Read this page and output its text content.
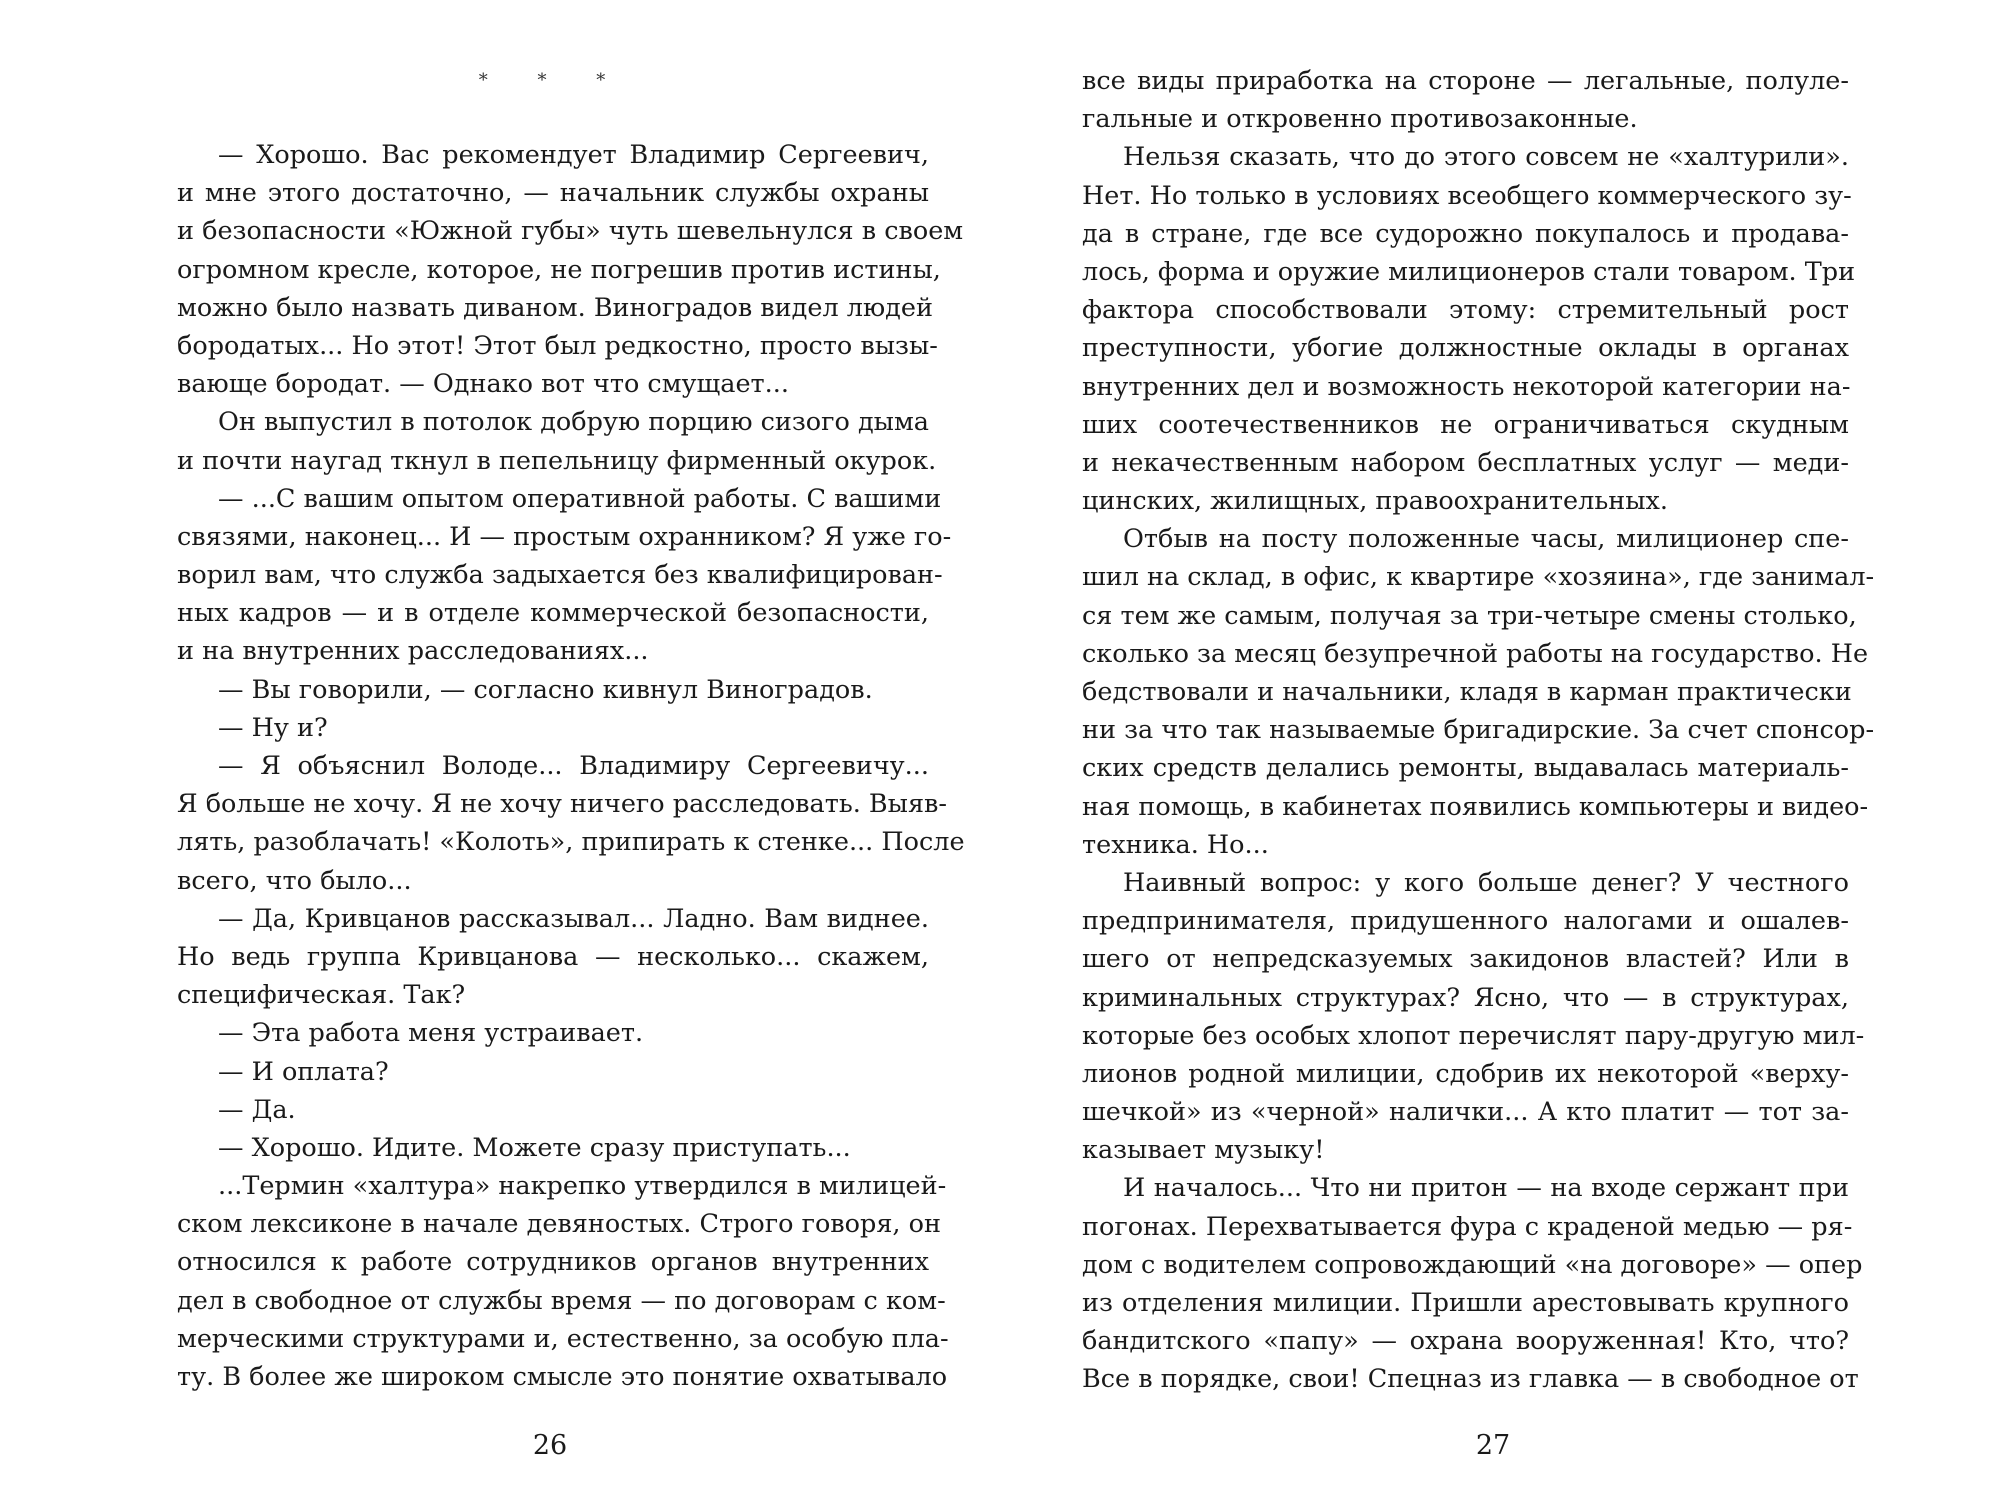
* * *
— Хорошо. Вас рекомендует Владимир Сергеевич,
и мне этого достаточно, — начальник службы охраны
и безопасности «Южной губы» чуть шевельнулся в своем
огромном кресле, которое, не погрешив против истины,
можно было назвать диваном. Виноградов видел людей
бородатых... Но этот! Этот был редкостно, просто вызы-
вающе бородат. — Однако вот что смущает...
Он выпустил в потолок добрую порцию сизого дыма
и почти наугад ткнул в пепельницу фирменный окурок.
— ...С вашим опытом оперативной работы. С вашими
связями, наконец... И — простым охранником? Я уже го-
ворил вам, что служба задыхается без квалифицирован-
ных кадров — и в отделе коммерческой безопасности,
и на внутренних расследованиях...
— Вы говорили, — согласно кивнул Виноградов.
— Ну и?
— Я объяснил Володе... Владимиру Сергеевичу...
Я больше не хочу. Я не хочу ничего расследовать. Выяв-
лять, разоблачать! «Колоть», припирать к стенке... После
всего, что было...
— Да, Кривцанов рассказывал... Ладно. Вам виднее.
Но ведь группа Кривцанова — несколько... скажем,
специфическая. Так?
— Эта работа меня устраивает.
— И оплата?
— Да.
— Хорошо. Идите. Можете сразу приступать...
...Термин «халтура» накрепко утвердился в милицей-
ском лексиконе в начале девяностых. Строго говоря, он
относился к работе сотрудников органов внутренних
дел в свободное от службы время — по договорам с ком-
мерческими структурами и, естественно, за особую пла-
ту. В более же широком смысле это понятие охватывало
26
все виды приработка на стороне — легальные, полуле-
гальные и откровенно противозаконные.
Нельзя сказать, что до этого совсем не «халтурили».
Нет. Но только в условиях всеобщего коммерческого зу-
да в стране, где все судорожно покупалось и продава-
лось, форма и оружие милиционеров стали товаром. Три
фактора способствовали этому: стремительный рост
преступности, убогие должностные оклады в органах
внутренних дел и возможность некоторой категории на-
ших соотечественников не ограничиваться скудным
и некачественным набором бесплатных услуг — меди-
цинских, жилищных, правоохранительных.
Отбыв на посту положенные часы, милиционер спе-
шил на склад, в офис, к квартире «хозяина», где занимал-
ся тем же самым, получая за три-четыре смены столько,
сколько за месяц безупречной работы на государство. Не
бедствовали и начальники, кладя в карман практически
ни за что так называемые бригадирские. За счет спонсор-
ских средств делались ремонты, выдавалась материаль-
ная помощь, в кабинетах появились компьютеры и видео-
техника. Но...
Наивный вопрос: у кого больше денег? У честного
предпринимателя, придушенного налогами и ошалев-
шего от непредсказуемых закидонов властей? Или в
криминальных структурах? Ясно, что — в структурах,
которые без особых хлопот перечислят пару-другую мил-
лионов родной милиции, сдобрив их некоторой «верху-
шечкой» из «черной» налички... А кто платит — тот за-
казывает музыку!
И началось... Что ни притон — на входе сержант при
погонах. Перехватывается фура с краденой медью — ря-
дом с водителем сопровождающий «на договоре» — опер
из отделения милиции. Пришли арестовывать крупного
бандитского «папу» — охрана вооруженная! Кто, что?
Все в порядке, свои! Спецназ из главка — в свободное от
27
